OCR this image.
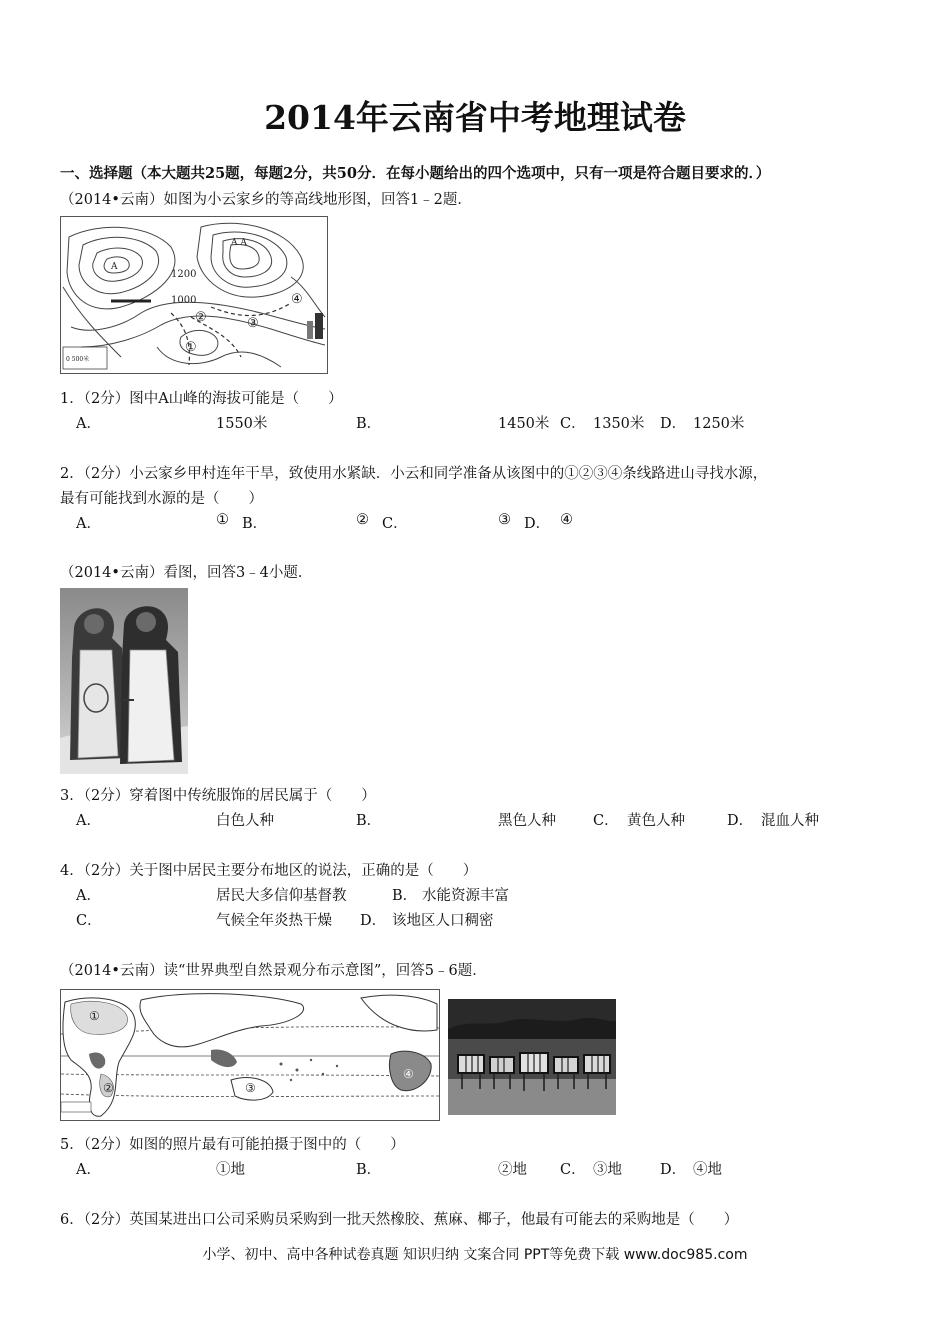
2014年云南省中考地理试卷
一、选择题（本大题共25题，每题2分，共50分．在每小题给出的四个选项中，只有一项是符合题目要求的．）
（2014•云南）如图为小云家乡的等高线地形图，回答1﹣2题．
A
A A
1200
1000
①
②	③
④
0 500米
1．（2分）图中A山峰的海拔可能是（　　）
A．	1550米	B．	1450米 C． 1350米 D． 1250米
2．（2分）小云家乡甲村连年干旱，致使用水紧缺．小云和同学准备从该图中的①②③④条线路进山寻找水源，
最有可能找到水源的是（　　）
A．	① B．	② C．	③ D． ④
（2014•云南）看图，回答3﹣4小题．
3．（2分）穿着图中传统服饰的居民属于（　　）
A．	白色人种	B．	黑色人种	C． 黄色人种	D． 混血人种
4．（2分）关于图中居民主要分布地区的说法，正确的是（　　）
A．	居民大多信仰基督教	B． 水能资源丰富
C．	气候全年炎热干燥 D． 该地区人口稠密
（2014•云南）读“世界典型自然景观分布示意图”，回答5﹣6题．
①
②	③
④
5．（2分）如图的照片最有可能拍摄于图中的（　　）
A．	①地	B．	②地 C． ③地	D． ④地
6．（2分）英国某进出口公司采购员采购到一批天然橡胶、蕉麻、椰子，他最有可能去的采购地是（　　）
小学、初中、高中各种试卷真题 知识归纳 文案合同 PPT等免费下载 www.doc985.com
